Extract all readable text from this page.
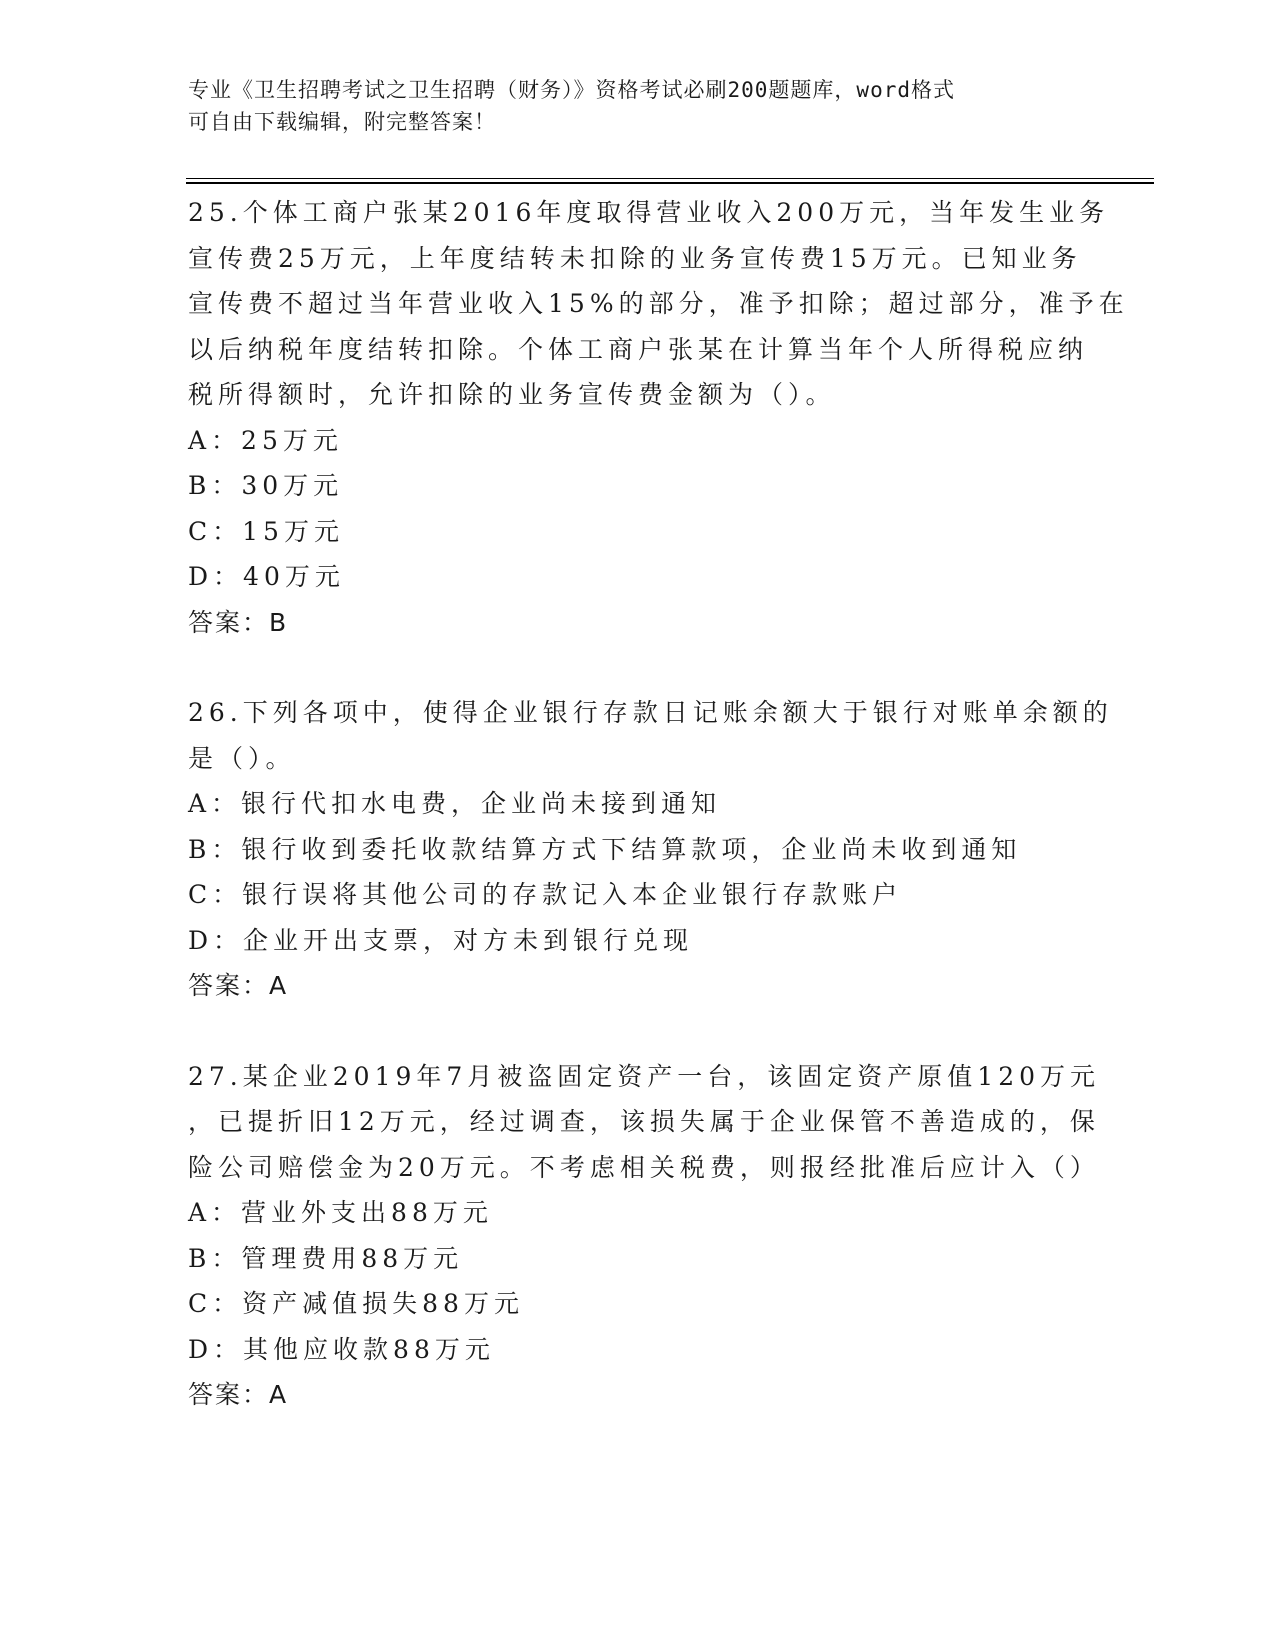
专业《卫生招聘考试之卫生招聘（财务）》资格考试必刷200题题库，word格式
可自由下载编辑，附完整答案！

25.个体工商户张某2016年度取得营业收入200万元，当年发生业务
宣传费25万元，上年度结转未扣除的业务宣传费15万元。已知业务
宣传费不超过当年营业收入15%的部分，准予扣除；超过部分，准予在
以后纳税年度结转扣除。个体工商户张某在计算当年个人所得税应纳
税所得额时，允许扣除的业务宣传费金额为（）。

A：25万元

B：30万元

C：15万元

D：40万元

答案：B

26.下列各项中，使得企业银行存款日记账余额大于银行对账单余额的
是（）。

A：银行代扣水电费，企业尚未接到通知

B：银行收到委托收款结算方式下结算款项，企业尚未收到通知

C：银行误将其他公司的存款记入本企业银行存款账户

D：企业开出支票，对方未到银行兑现

答案：A

27.某企业2019年7月被盗固定资产一台，该固定资产原值120万元
，已提折旧12万元，经过调查，该损失属于企业保管不善造成的，保
险公司赔偿金为20万元。不考虑相关税费，则报经批准后应计入（）

A：营业外支出88万元

B：管理费用88万元

C：资产减值损失88万元

D：其他应收款88万元

答案：A
